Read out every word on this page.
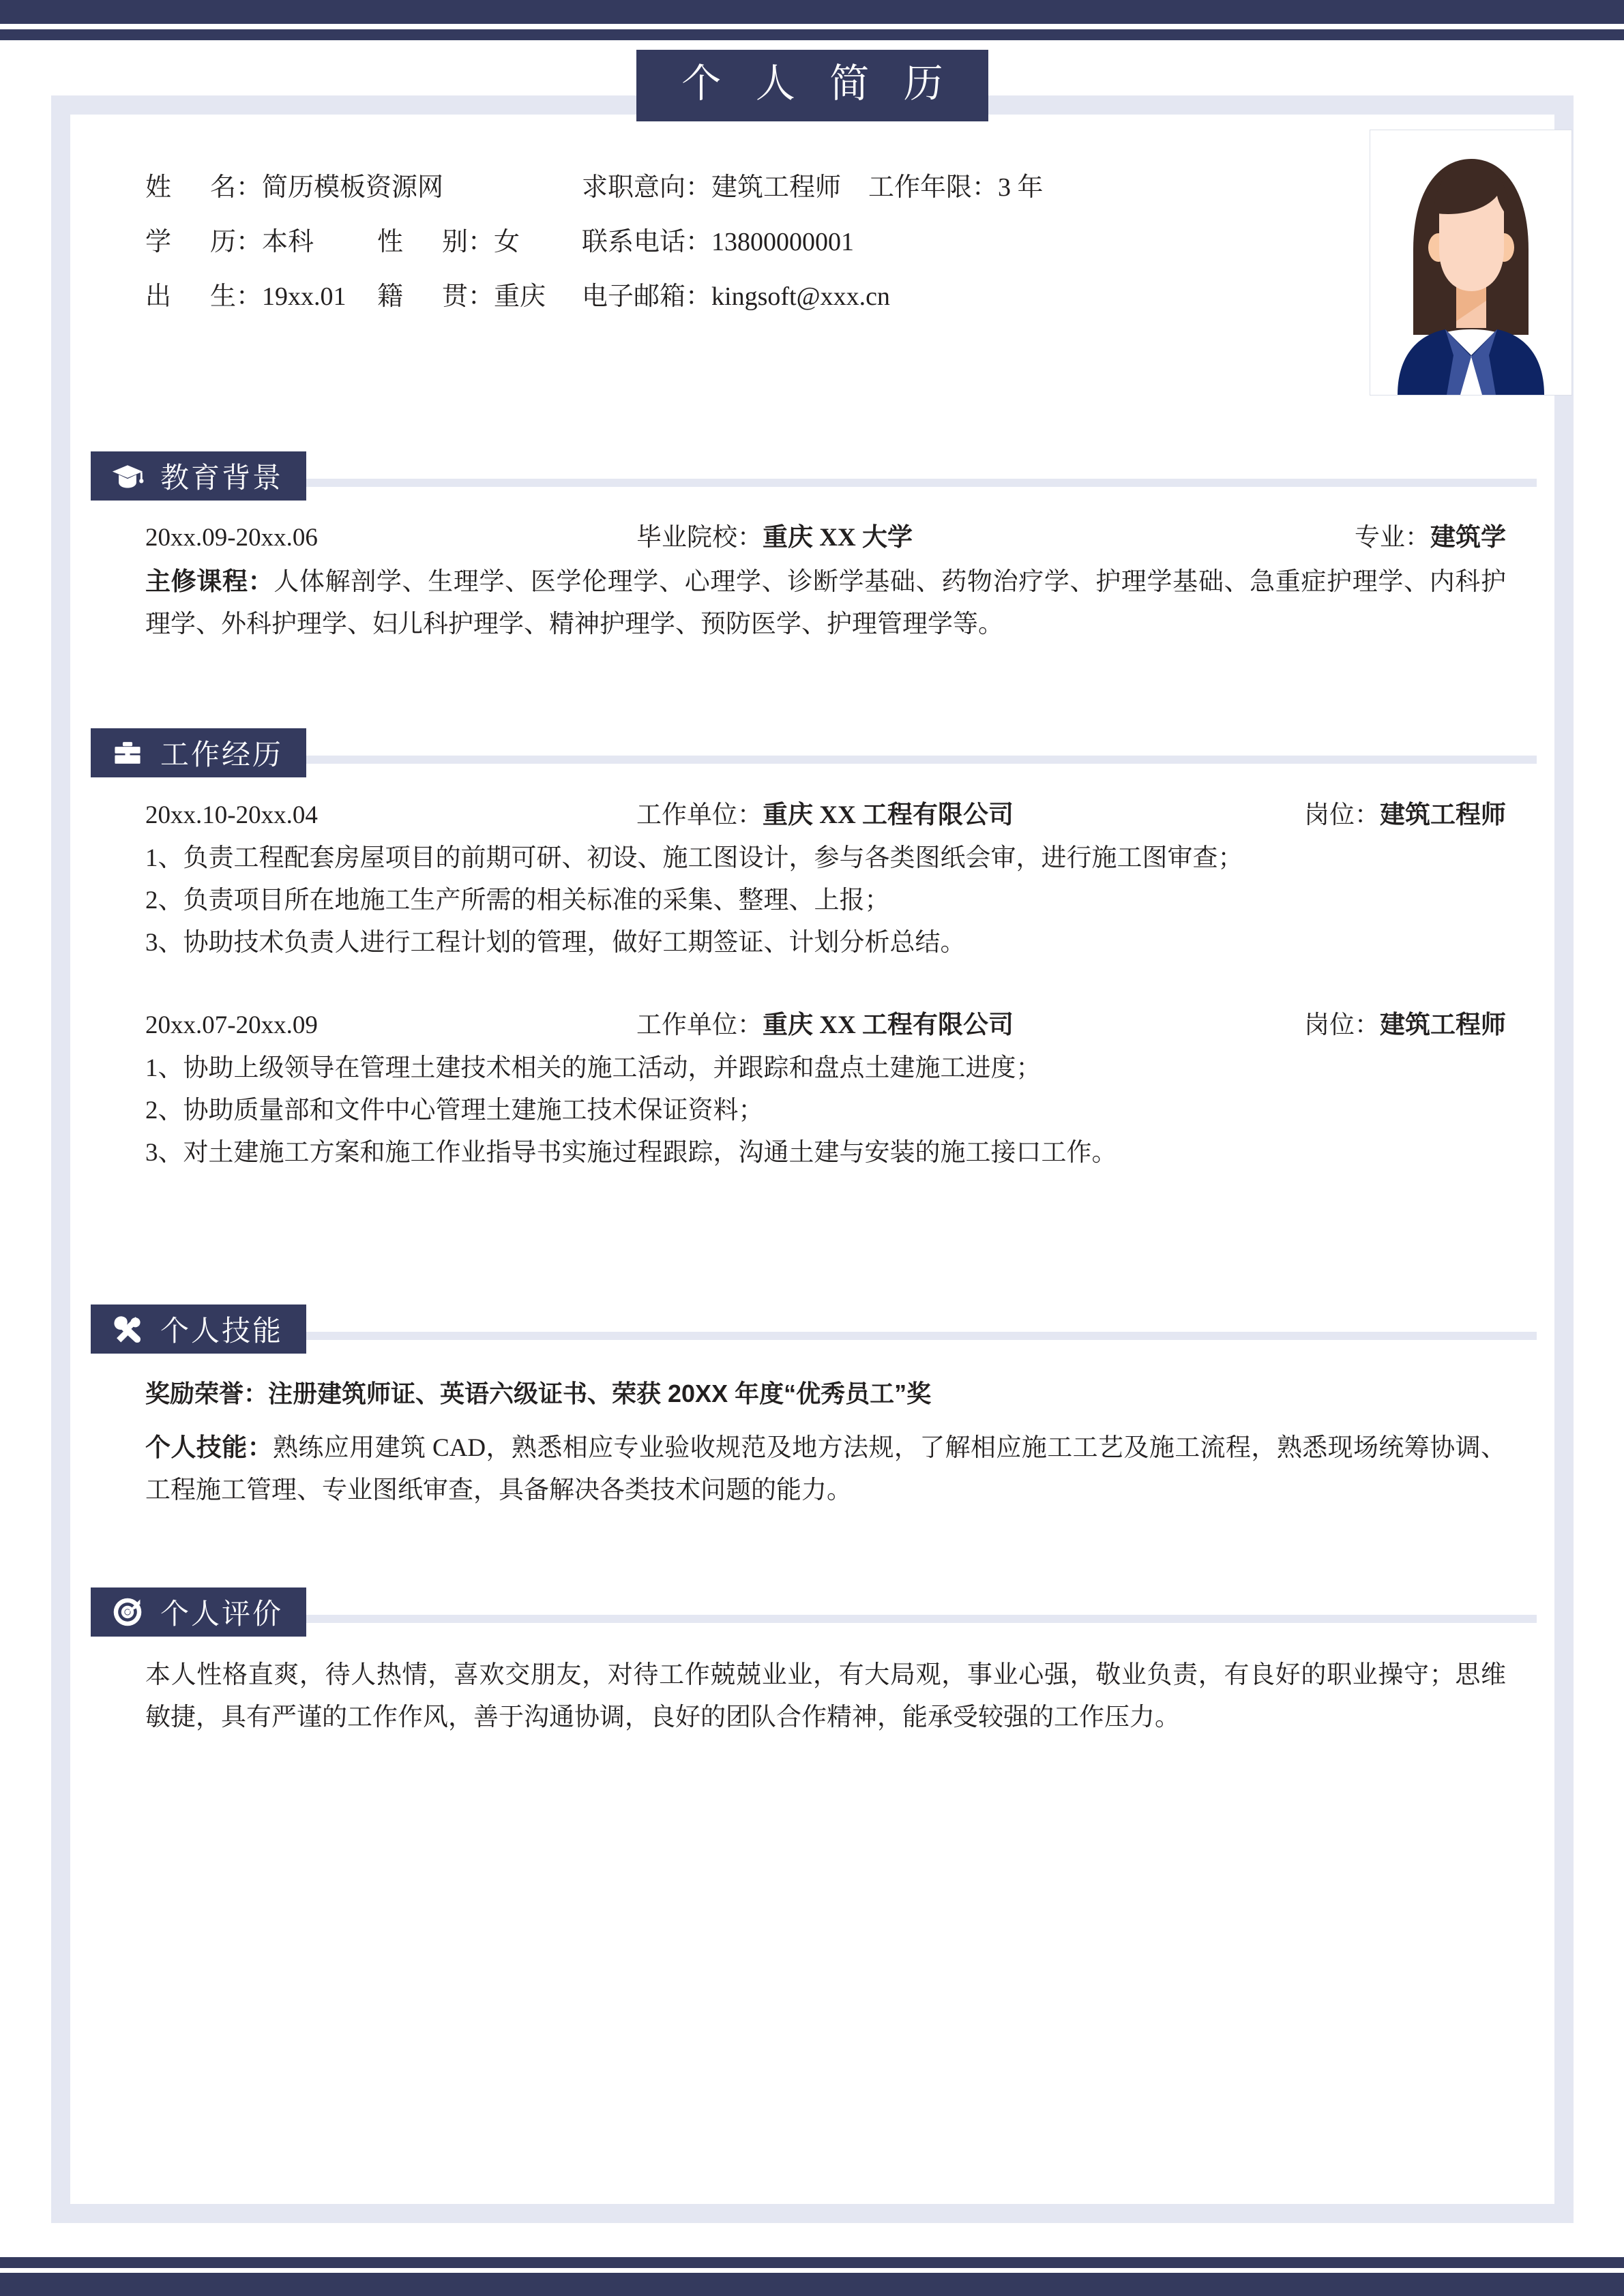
个 人 简 历
姓      名： 简历模板资源网	求职意向： 建筑工程师 工作年限： 3 年
学      历： 本科 性      别： 女 联系电话： 13800000001
出      生： 19xx.01 籍      贯： 重庆 电子邮箱： kingsoft@xxx.cn
教育背景
20xx.09-20xx.06	毕业院校：重庆 XX 大学	专业：建筑学
主修课程：人体解剖学、生理学、医学伦理学、心理学、诊断学基础、药物治疗学、护理学基础、急重症护理学、内科护理学、外科护理学、妇儿科护理学、精神护理学、预防医学、护理管理学等。
工作经历
20xx.10-20xx.04	工作单位：重庆 XX 工程有限公司	岗位：建筑工程师
1、负责工程配套房屋项目的前期可研、初设、施工图设计，参与各类图纸会审，进行施工图审查；
2、负责项目所在地施工生产所需的相关标准的采集、整理、上报；
3、协助技术负责人进行工程计划的管理，做好工期签证、计划分析总结。
20xx.07-20xx.09	工作单位：重庆 XX 工程有限公司	岗位：建筑工程师
1、协助上级领导在管理土建技术相关的施工活动，并跟踪和盘点土建施工进度；
2、协助质量部和文件中心管理土建施工技术保证资料；
3、对土建施工方案和施工作业指导书实施过程跟踪，沟通土建与安装的施工接口工作。
个人技能
奖励荣誉：注册建筑师证、英语六级证书、荣获 20XX 年度“优秀员工”奖
个人技能：熟练应用建筑 CAD，熟悉相应专业验收规范及地方法规，了解相应施工工艺及施工流程，熟悉现场统筹协调、工程施工管理、专业图纸审查，具备解决各类技术问题的能力。
个人评价
本人性格直爽，待人热情，喜欢交朋友，对待工作兢兢业业，有大局观，事业心强，敬业负责，有良好的职业操守；思维敏捷，具有严谨的工作作风，善于沟通协调，良好的团队合作精神，能承受较强的工作压力。
